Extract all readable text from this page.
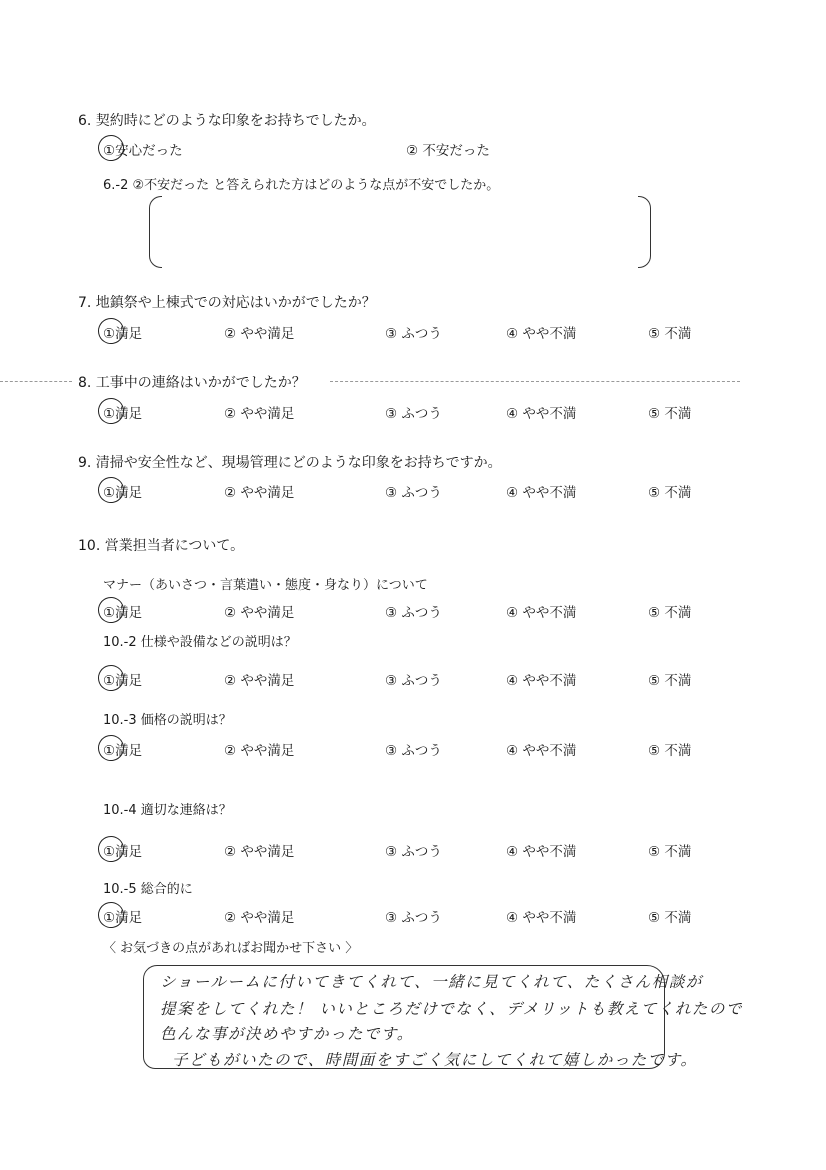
6. 契約時にどのような印象をお持ちでしたか。
①安心だった	② 不安だった
6.-2 ②不安だった と答えられた方はどのような点が不安でしたか。
7. 地鎮祭や上棟式での対応はいかがでしたか？
①満足	② やや満足	③ ふつう	④ やや不満	⑤ 不満
8. 工事中の連絡はいかがでしたか？
①満足	② やや満足	③ ふつう	④ やや不満	⑤ 不満
9. 清掃や安全性など、現場管理にどのような印象をお持ちですか。
①満足	② やや満足	③ ふつう	④ やや不満	⑤ 不満
10. 営業担当者について。
マナー（あいさつ・言葉遣い・態度・身なり）について
①満足	② やや満足	③ ふつう	④ やや不満	⑤ 不満
10.-2 仕様や設備などの説明は？
①満足	② やや満足	③ ふつう	④ やや不満	⑤ 不満
10.-3 価格の説明は？
①満足	② やや満足	③ ふつう	④ やや不満	⑤ 不満
10.-4 適切な連絡は？
①満足	② やや満足	③ ふつう	④ やや不満	⑤ 不満
10.-5 総合的に
①満足	② やや満足	③ ふつう	④ やや不満	⑤ 不満
〈 お気づきの点があればお聞かせ下さい 〉
ショールームに付いてきてくれて、一緒に見てくれて、たくさん相談が
提案をしてくれた！ いいところだけでなく、デメリットも教えてくれたので
色んな事が決めやすかったです。
子どもがいたので、時間面をすごく気にしてくれて嬉しかったです。
